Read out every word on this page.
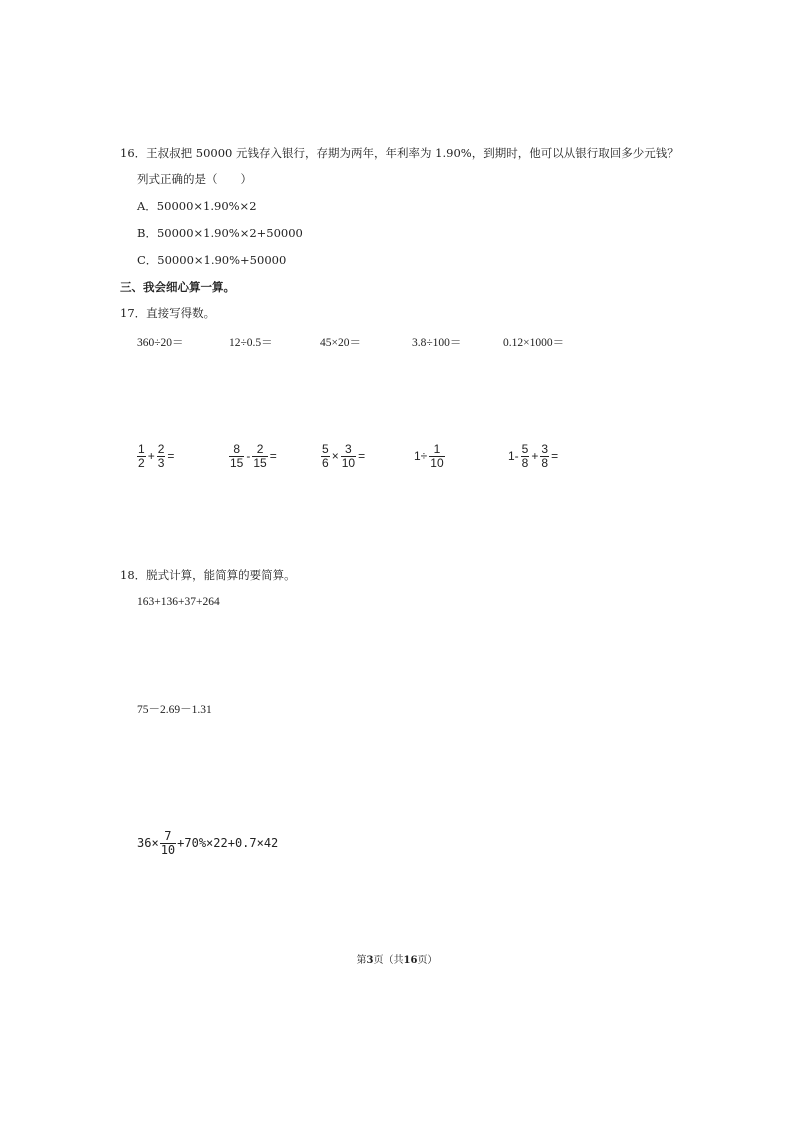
16．王叔叔把 50000 元钱存入银行，存期为两年，年利率为 1.90%，到期时，他可以从银行取回多少元钱？
列式正确的是（　　）
A．50000×1.90%×2
B．50000×1.90%×2+50000
C．50000×1.90%+50000
三、我会细心算一算。
17．直接写得数。
360÷20＝	12÷0.5＝	45×20＝	3.8÷100＝	0.12×1000＝
$\frac{1}{2} + \frac{2}{3}$ =	$\frac{8}{15} - \frac{2}{15}$ =	$\frac{5}{6} \times \frac{3}{10}$ =	$1\div \frac{1}{10}$	$1- \frac{5}{8} + \frac{3}{8}$ =
18．脱式计算，能简算的要简算。
163+136+37+264
75－2.69－1.31
$36\times \frac{7}{10} +70\%\times 22+0.7\times 42$
第3页（共16页）
